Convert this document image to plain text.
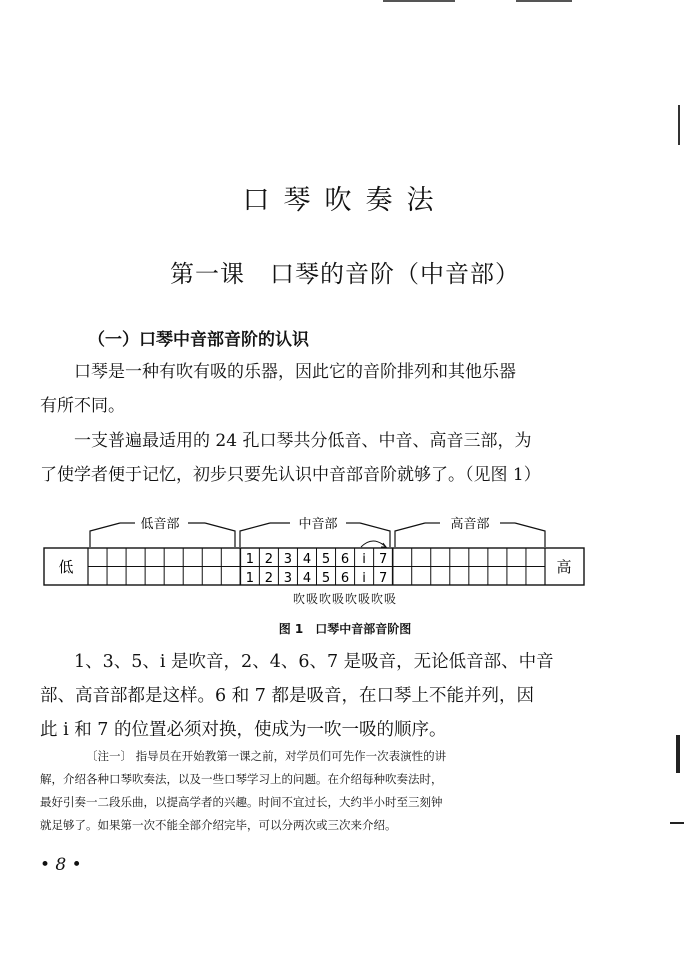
口琴吹奏法
第一课　口琴的音阶（中音部）
（一）口琴中音部音阶的认识
口琴是一种有吹有吸的乐器，因此它的音阶排列和其他乐器
有所不同。
一支普遍最适用的 24 孔口琴共分低音、中音、高音三部，为
了使学者便于记忆，初步只要先认识中音部音阶就够了。（见图 1）
低音部	中音部	高音部
低	高
1 2 3 4 5 6 i 7
1 2 3 4 5 6 i 7
吹吸吹吸吹吸吹吸
图 1　口琴中音部音阶图
1、3、5、i 是吹音，2、4、6、7 是吸音，无论低音部、中音
部、高音部都是这样。6 和 7 都是吸音，在口琴上不能并列，因
此 i 和 7 的位置必须对换，使成为一吹一吸的顺序。
〔注一〕 指导员在开始教第一课之前，对学员们可先作一次表演性的讲
解，介绍各种口琴吹奏法，以及一些口琴学习上的问题。在介绍每种吹奏法时，
最好引奏一二段乐曲，以提高学者的兴趣。时间不宜过长，大约半小时至三刻钟
就足够了。如果第一次不能全部介绍完毕，可以分两次或三次来介绍。
• 8 •
